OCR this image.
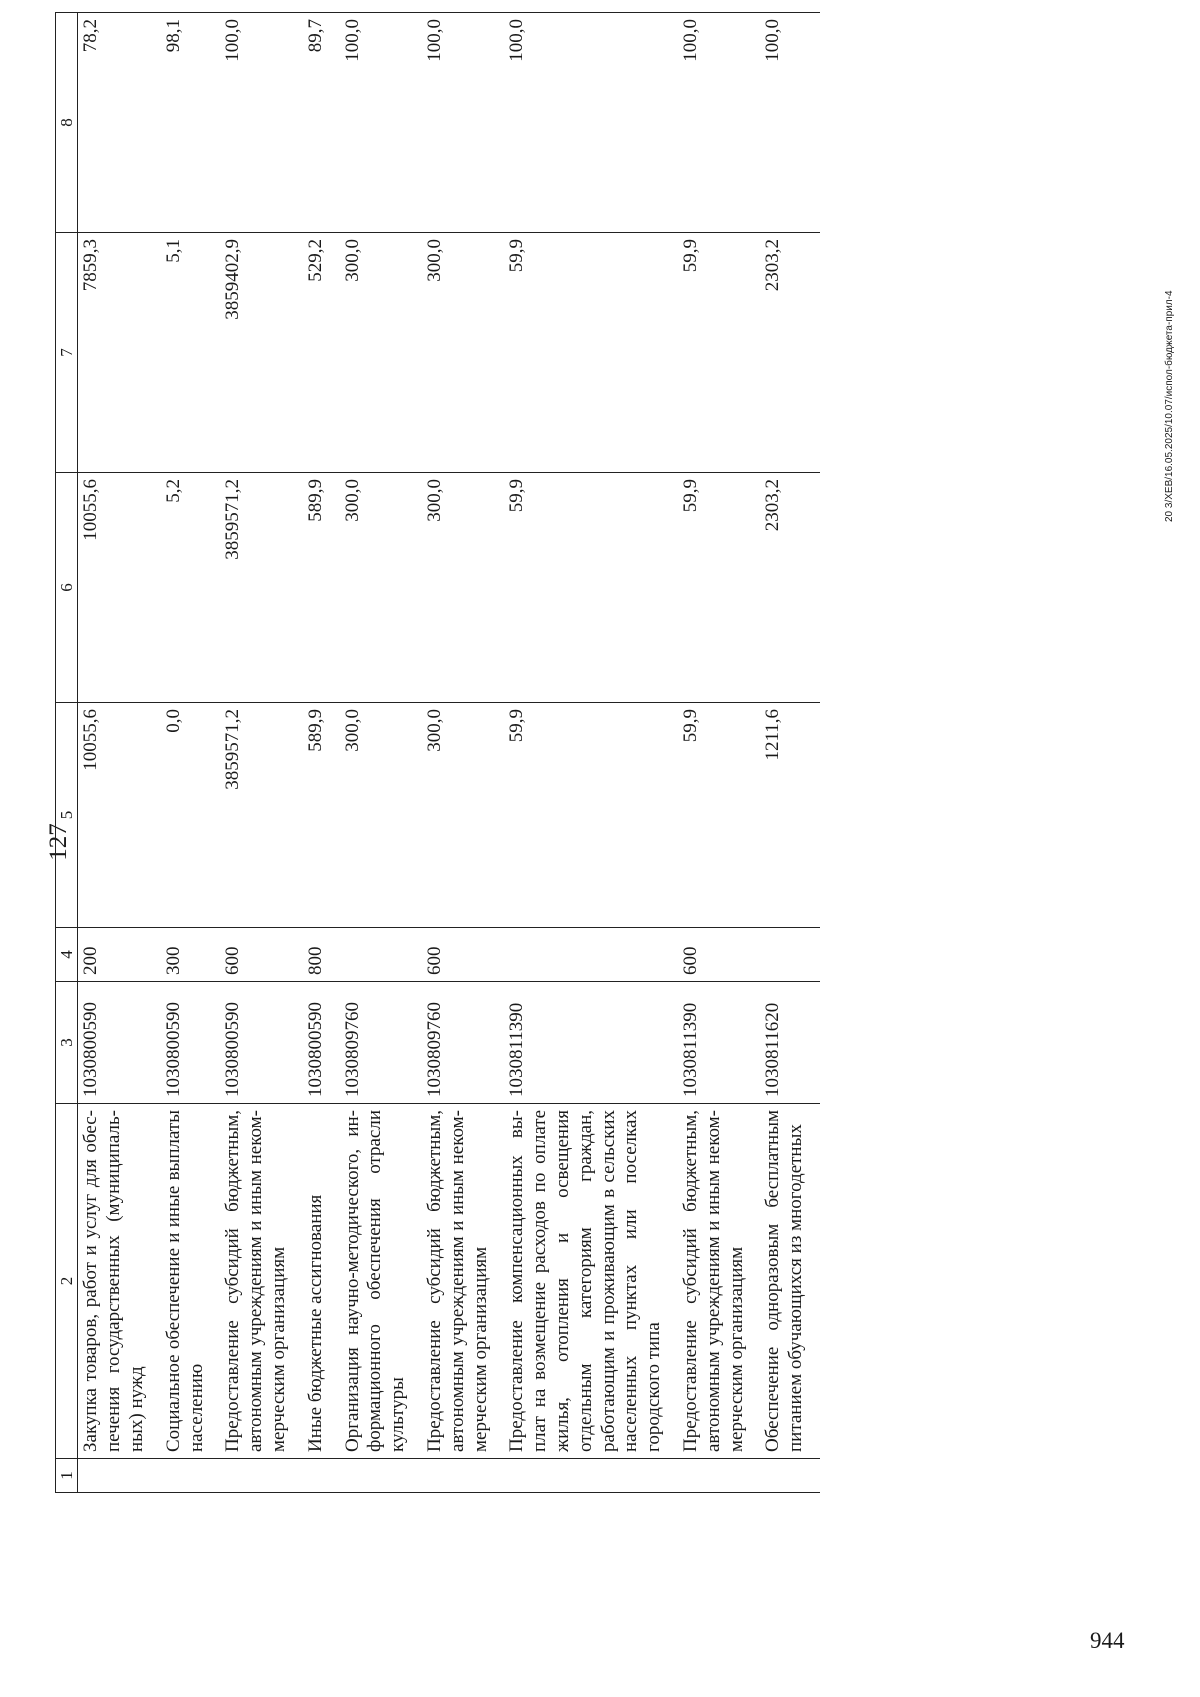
127
1	2	3	4	5	6	7	8
	Закупка товаров, работ и услуг для обеспечения государственных (муниципальных) нужд	1030800590	200	10055,6	10055,6	7859,3	78,2
	Социальное обеспечение и иные выплаты населению	1030800590	300	0,0	5,2	5,1	98,1
	Предоставление субсидий бюджетным, автономным учреждениям и иным некоммерческим организациям	1030800590	600	3859571,2	3859571,2	3859402,9	100,0
	Иные бюджетные ассигнования	1030800590	800	589,9	589,9	529,2	89,7
	Организация научно-методического, информационного обеспечения отрасли культуры	1030809760		300,0	300,0	300,0	100,0
	Предоставление субсидий бюджетным, автономным учреждениям и иным некоммерческим организациям	1030809760	600	300,0	300,0	300,0	100,0
	Предоставление компенсационных выплат на возмещение расходов по оплате жилья, отопления и освещения отдельным категориям граждан, работающим и проживающим в сельских населенных пунктах или поселках городского типа	1030811390		59,9	59,9	59,9	100,0
	Предоставление субсидий бюджетным, автономным учреждениям и иным некоммерческим организациям	1030811390	600	59,9	59,9	59,9	100,0
	Обеспечение одноразовым бесплатным питанием обучающихся из многодетных	1030811620		1211,6	2303,2	2303,2	100,0
20 3/ХЕВ/16.05.2025/10.07/испол-бюджета-прил-4
944
